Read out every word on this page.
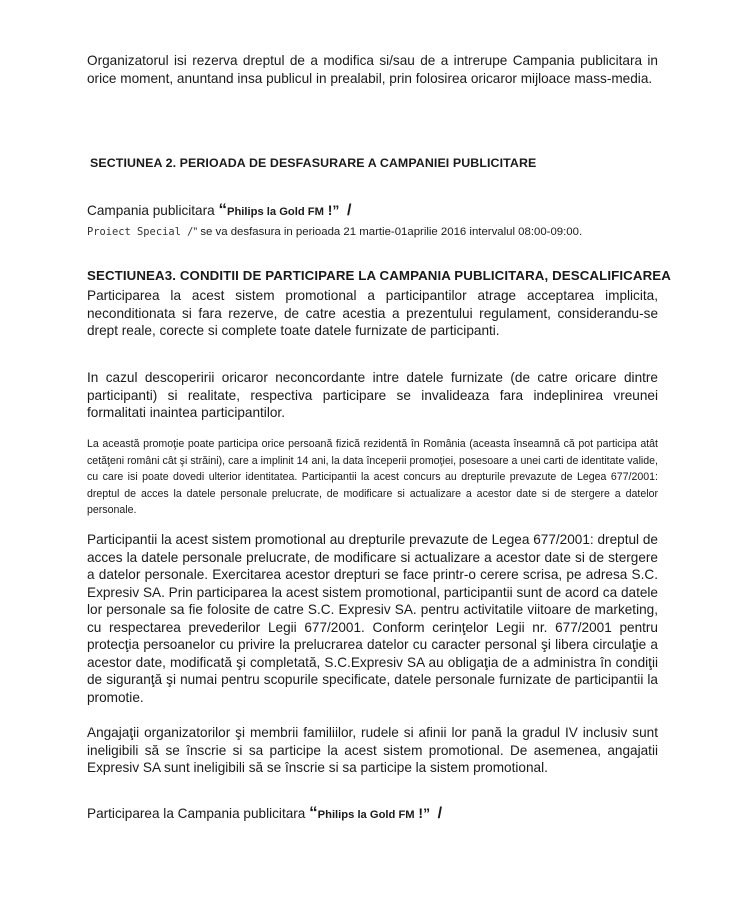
Organizatorul isi rezerva dreptul de a modifica si/sau de a intrerupe Campania publicitara in orice moment, anuntand insa publicul in prealabil, prin folosirea oricaror mijloace mass-media.

SECTIUNEA 2. PERIOADA DE DESFASURARE A CAMPANIEI PUBLICITARE

Campania publicitara “Philips la Gold FM !” /
Proiect Special /” se va desfasura in perioada 21 martie-01aprilie 2016 intervalul 08:00-09:00.

SECTIUNEA3. CONDITII DE PARTICIPARE LA CAMPANIA PUBLICITARA, DESCALIFICAREA

Participarea la acest sistem promotional a participantilor atrage acceptarea implicita, neconditionata si fara rezerve, de catre acestia a prezentului regulament, considerandu-se drept reale, corecte si complete toate datele furnizate de participanti.

In cazul descoperirii oricaror neconcordante intre datele furnizate (de catre oricare dintre participanti) si realitate, respectiva participare se invalideaza fara indeplinirea vreunei formalitati inaintea participantilor.

La această promoţie poate participa orice persoană fizică rezidentă în România (aceasta înseamnă că pot participa atât cetăţeni români cât şi străini), care a implinit 14 ani, la data începerii promoţiei, posesoare a unei carti de identitate valide, cu care isi poate dovedi ulterior identitatea. Participantii la acest concurs au drepturile prevazute de Legea 677/2001: dreptul de acces la datele personale prelucrate, de modificare si actualizare a acestor date si de stergere a datelor personale.

Participantii la acest sistem promotional au drepturile prevazute de Legea 677/2001: dreptul de acces la datele personale prelucrate, de modificare si actualizare a acestor date si de stergere a datelor personale. Exercitarea acestor drepturi se face printr-o cerere scrisa, pe adresa S.C. Expresiv SA. Prin participarea la acest sistem promotional, participantii sunt de acord ca datele lor personale sa fie folosite de catre S.C. Expresiv SA. pentru activitatile viitoare de marketing, cu respectarea prevederilor Legii 677/2001. Conform cerinţelor Legii nr. 677/2001 pentru protecţia persoanelor cu privire la prelucrarea datelor cu caracter personal şi libera circulaţie a acestor date, modificată şi completată, S.C.Expresiv SA au obligaţia de a administra în condiţii de siguranţă şi numai pentru scopurile specificate, datele personale furnizate de participantii la promotie.

Angajaţii organizatorilor şi membrii familiilor, rudele si afinii lor pană la gradul IV inclusiv sunt ineligibili să se înscrie si sa participe la acest sistem promotional. De asemenea, angajatii Expresiv SA sunt ineligibili să se înscrie si sa participe la sistem promotional.

Participarea la Campania publicitara “Philips la Gold FM !” /
